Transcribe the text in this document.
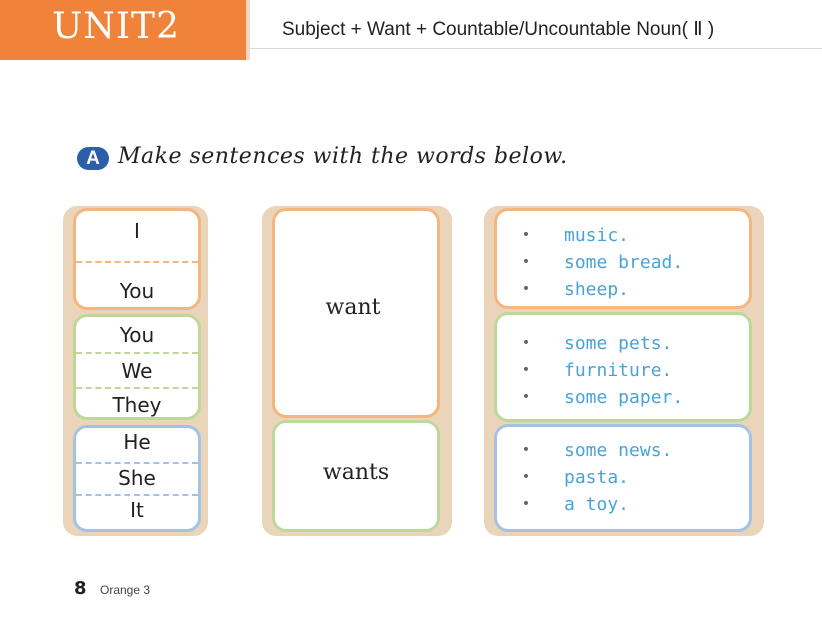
UNIT2	Subject + Want + Countable/Uncountable Noun( Ⅱ )
A Make sentences with the words below.
I
You
You
We
They
He
She
It
want
wants
•
•
•
music.
some bread.
sheep.
•
•
•
some pets.
furniture.
some paper.
•
•
•
some news.
pasta.
a toy.
8 Orange 3
